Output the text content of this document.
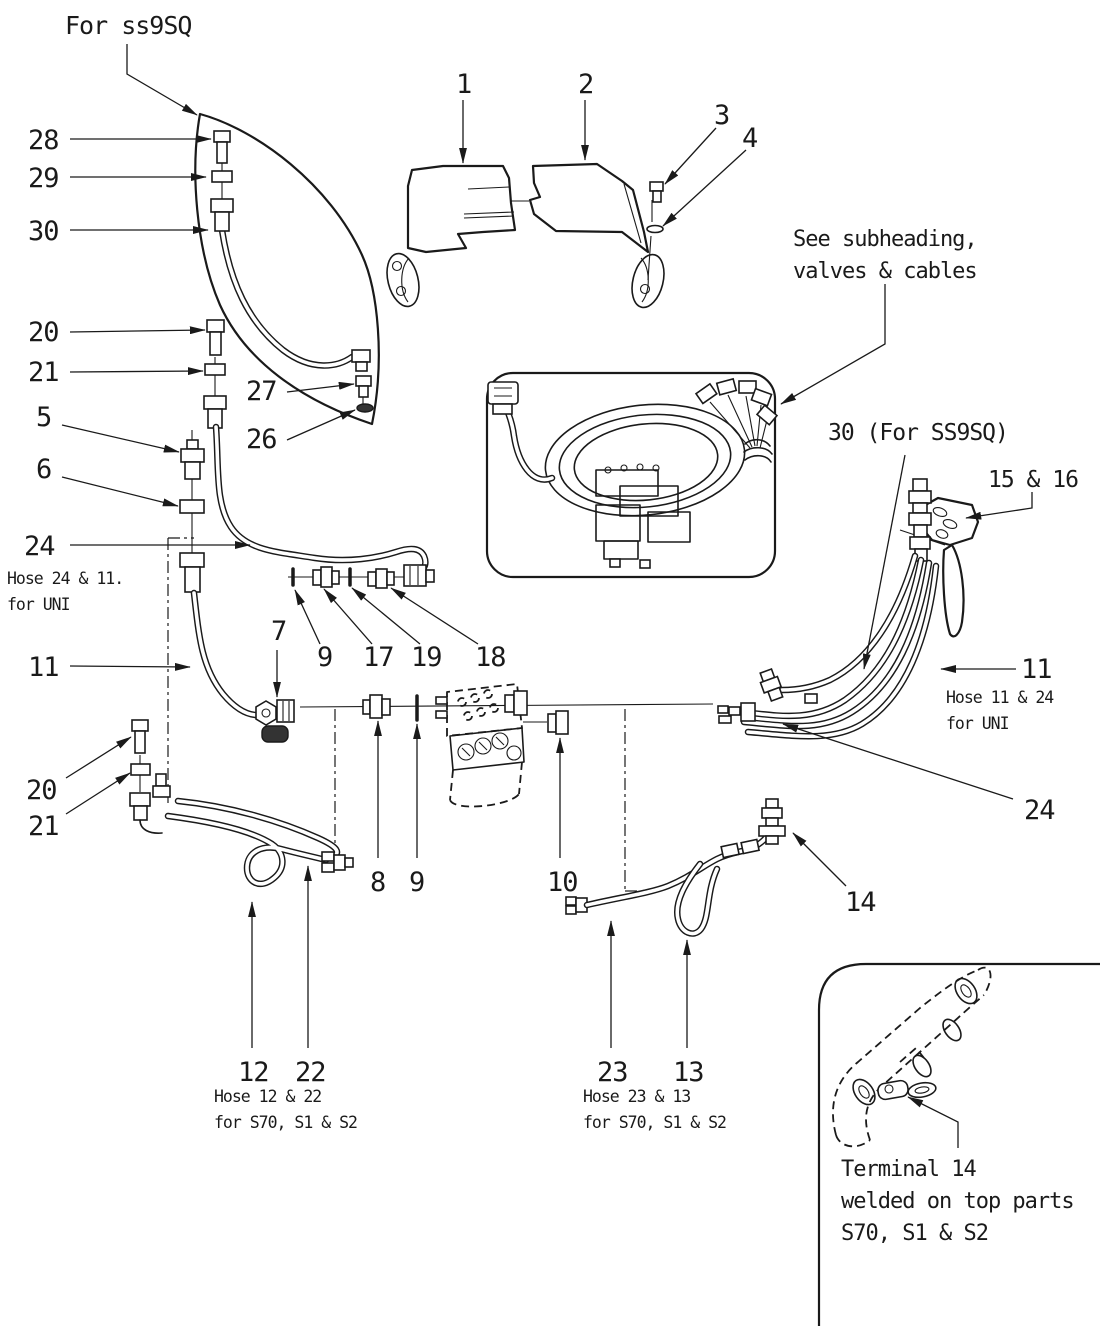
For ss9SQ
28
29
30
1	2
3
4
See subheading,
valves & cables
30 (For SS9SQ)
15 & 16
20
21
5
6
24
Hose 24 & 11.
for UNI
27
26
11
7
9 17 19 18
8 9	10
20
21
12 22
Hose 12 & 22
for S70, S1 & S2
23 13
Hose 23 & 13
for S70, S1 & S2
14
11
Hose 11 & 24
for UNI
24
Terminal 14
welded on top parts
S70, S1 & S2
